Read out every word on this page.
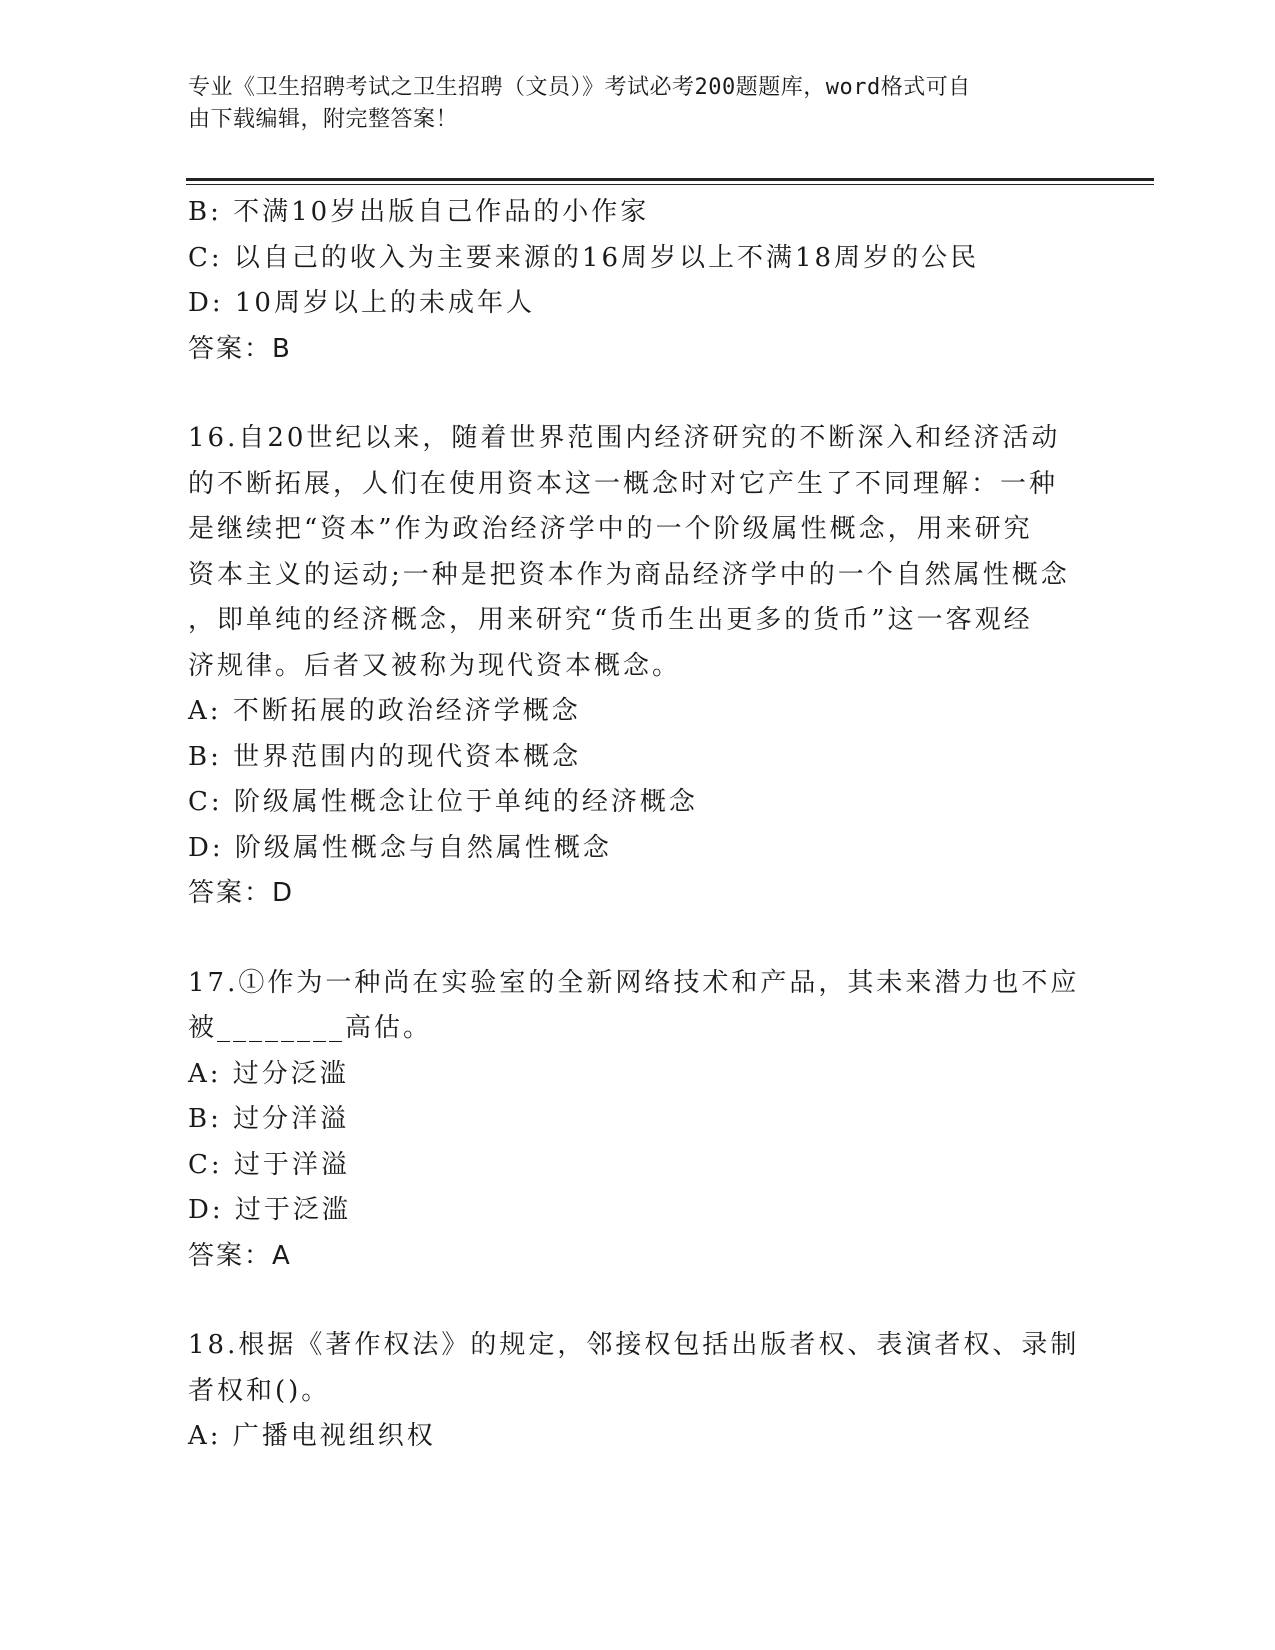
专业《卫生招聘考试之卫生招聘（文员）》考试必考200题题库，word格式可自
由下载编辑，附完整答案！
B: 不满10岁出版自己作品的小作家
C: 以自己的收入为主要来源的16周岁以上不满18周岁的公民
D: 10周岁以上的未成年人
答案：B
16.自20世纪以来，随着世界范围内经济研究的不断深入和经济活动
的不断拓展，人们在使用资本这一概念时对它产生了不同理解：一种
是继续把“资本”作为政治经济学中的一个阶级属性概念，用来研究
资本主义的运动;一种是把资本作为商品经济学中的一个自然属性概念
，即单纯的经济概念，用来研究“货币生出更多的货币”这一客观经
济规律。后者又被称为现代资本概念。
A: 不断拓展的政治经济学概念
B: 世界范围内的现代资本概念
C: 阶级属性概念让位于单纯的经济概念
D: 阶级属性概念与自然属性概念
答案：D
17.①作为一种尚在实验室的全新网络技术和产品，其未来潜力也不应
被________高估。
A: 过分泛滥
B: 过分洋溢
C: 过于洋溢
D: 过于泛滥
答案：A
18.根据《著作权法》的规定，邻接权包括出版者权、表演者权、录制
者权和()。
A: 广播电视组织权
